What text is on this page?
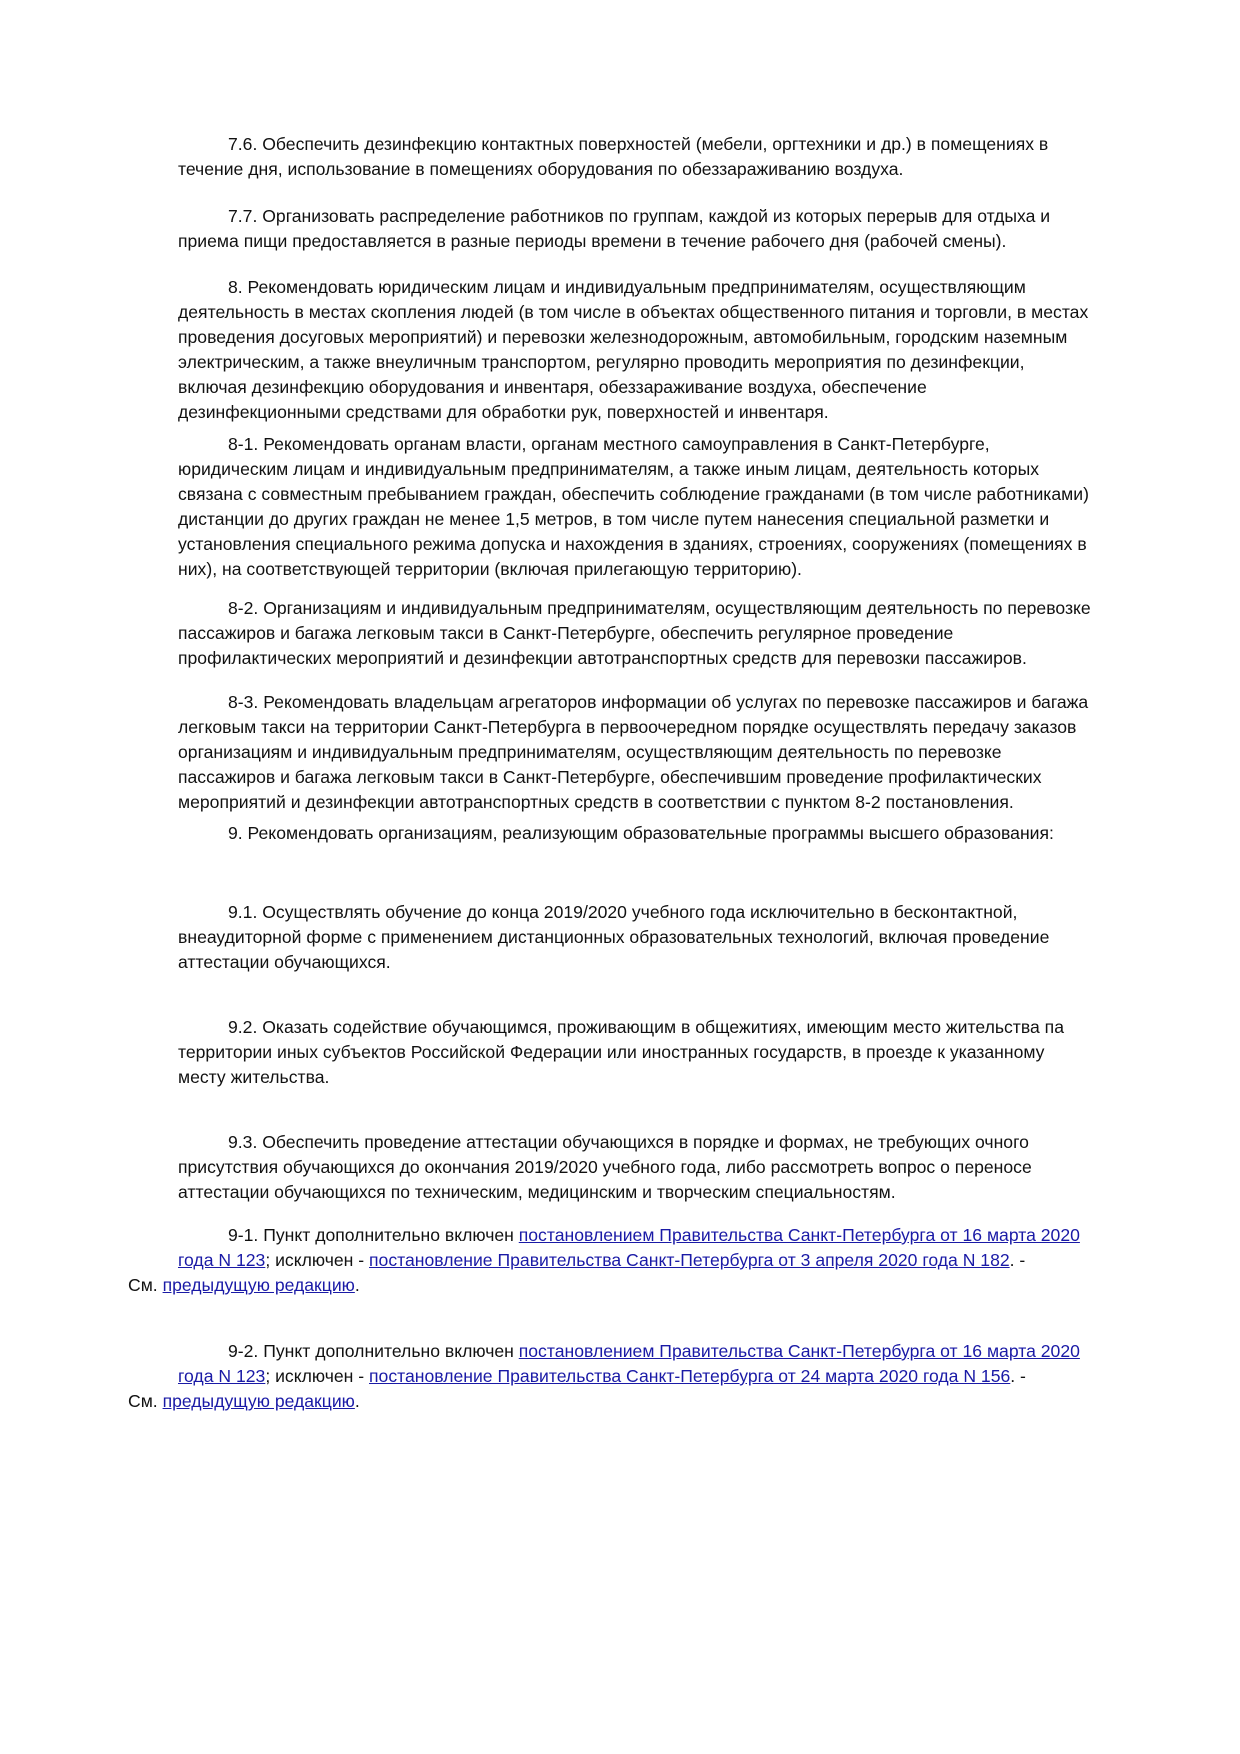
7.6. Обеспечить дезинфекцию контактных поверхностей (мебели, оргтехники и др.) в помещениях в
течение дня, использование в помещениях оборудования по обеззараживанию воздуха.

7.7. Организовать распределение работников по группам, каждой из которых перерыв для отдыха и
приема пищи предоставляется в разные периоды времени в течение рабочего дня (рабочей смены).

8. Рекомендовать юридическим лицам и индивидуальным предпринимателям, осуществляющим
деятельность в местах скопления людей (в том числе в объектах общественного питания и торговли, в местах
проведения досуговых мероприятий) и перевозки железнодорожным, автомобильным, городским наземным
электрическим, а также внеуличным транспортом, регулярно проводить мероприятия по дезинфекции,
включая дезинфекцию оборудования и инвентаря, обеззараживание воздуха, обеспечение
дезинфекционными средствами для обработки рук, поверхностей и инвентаря.

8-1. Рекомендовать органам власти, органам местного самоуправления в Санкт-Петербурге,
юридическим лицам и индивидуальным предпринимателям, а также иным лицам, деятельность которых
связана с совместным пребыванием граждан, обеспечить соблюдение гражданами (в том числе работниками)
дистанции до других граждан не менее 1,5 метров, в том числе путем нанесения специальной разметки и
установления специального режима допуска и нахождения в зданиях, строениях, сооружениях (помещениях в
них), на соответствующей территории (включая прилегающую территорию).

8-2. Организациям и индивидуальным предпринимателям, осуществляющим деятельность по перевозке
пассажиров и багажа легковым такси в Санкт-Петербурге, обеспечить регулярное проведение
профилактических мероприятий и дезинфекции автотранспортных средств для перевозки пассажиров.

8-3. Рекомендовать владельцам агрегаторов информации об услугах по перевозке пассажиров и багажа
легковым такси на территории Санкт-Петербурга в первоочередном порядке осуществлять передачу заказов
организациям и индивидуальным предпринимателям, осуществляющим деятельность по перевозке
пассажиров и багажа легковым такси в Санкт-Петербурге, обеспечившим проведение профилактических
мероприятий и дезинфекции автотранспортных средств в соответствии с пунктом 8-2 постановления.

9. Рекомендовать организациям, реализующим образовательные программы высшего образования:

9.1. Осуществлять обучение до конца 2019/2020 учебного года исключительно в бесконтактной,
внеаудиторной форме с применением дистанционных образовательных технологий, включая проведение
аттестации обучающихся.

9.2. Оказать содействие обучающимся, проживающим в общежитиях, имеющим место жительства па
территории иных субъектов Российской Федерации или иностранных государств, в проезде к указанному
месту жительства.

9.3. Обеспечить проведение аттестации обучающихся в порядке и формах, не требующих очного
присутствия обучающихся до окончания 2019/2020 учебного года, либо рассмотреть вопрос о переносе
аттестации обучающихся по техническим, медицинским и творческим специальностям.

9-1. Пункт дополнительно включен постановлением Правительства Санкт-Петербурга от 16 марта 2020
года N 123; исключен - постановление Правительства Санкт-Петербурга от 3 апреля 2020 года N 182. -
См. предыдущую редакцию.
9-2. Пункт дополнительно включен постановлением Правительства Санкт-Петербурга от 16 марта 2020
года N 123; исключен - постановление Правительства Санкт-Петербурга от 24 марта 2020 года N 156. -
См. предыдущую редакцию.
